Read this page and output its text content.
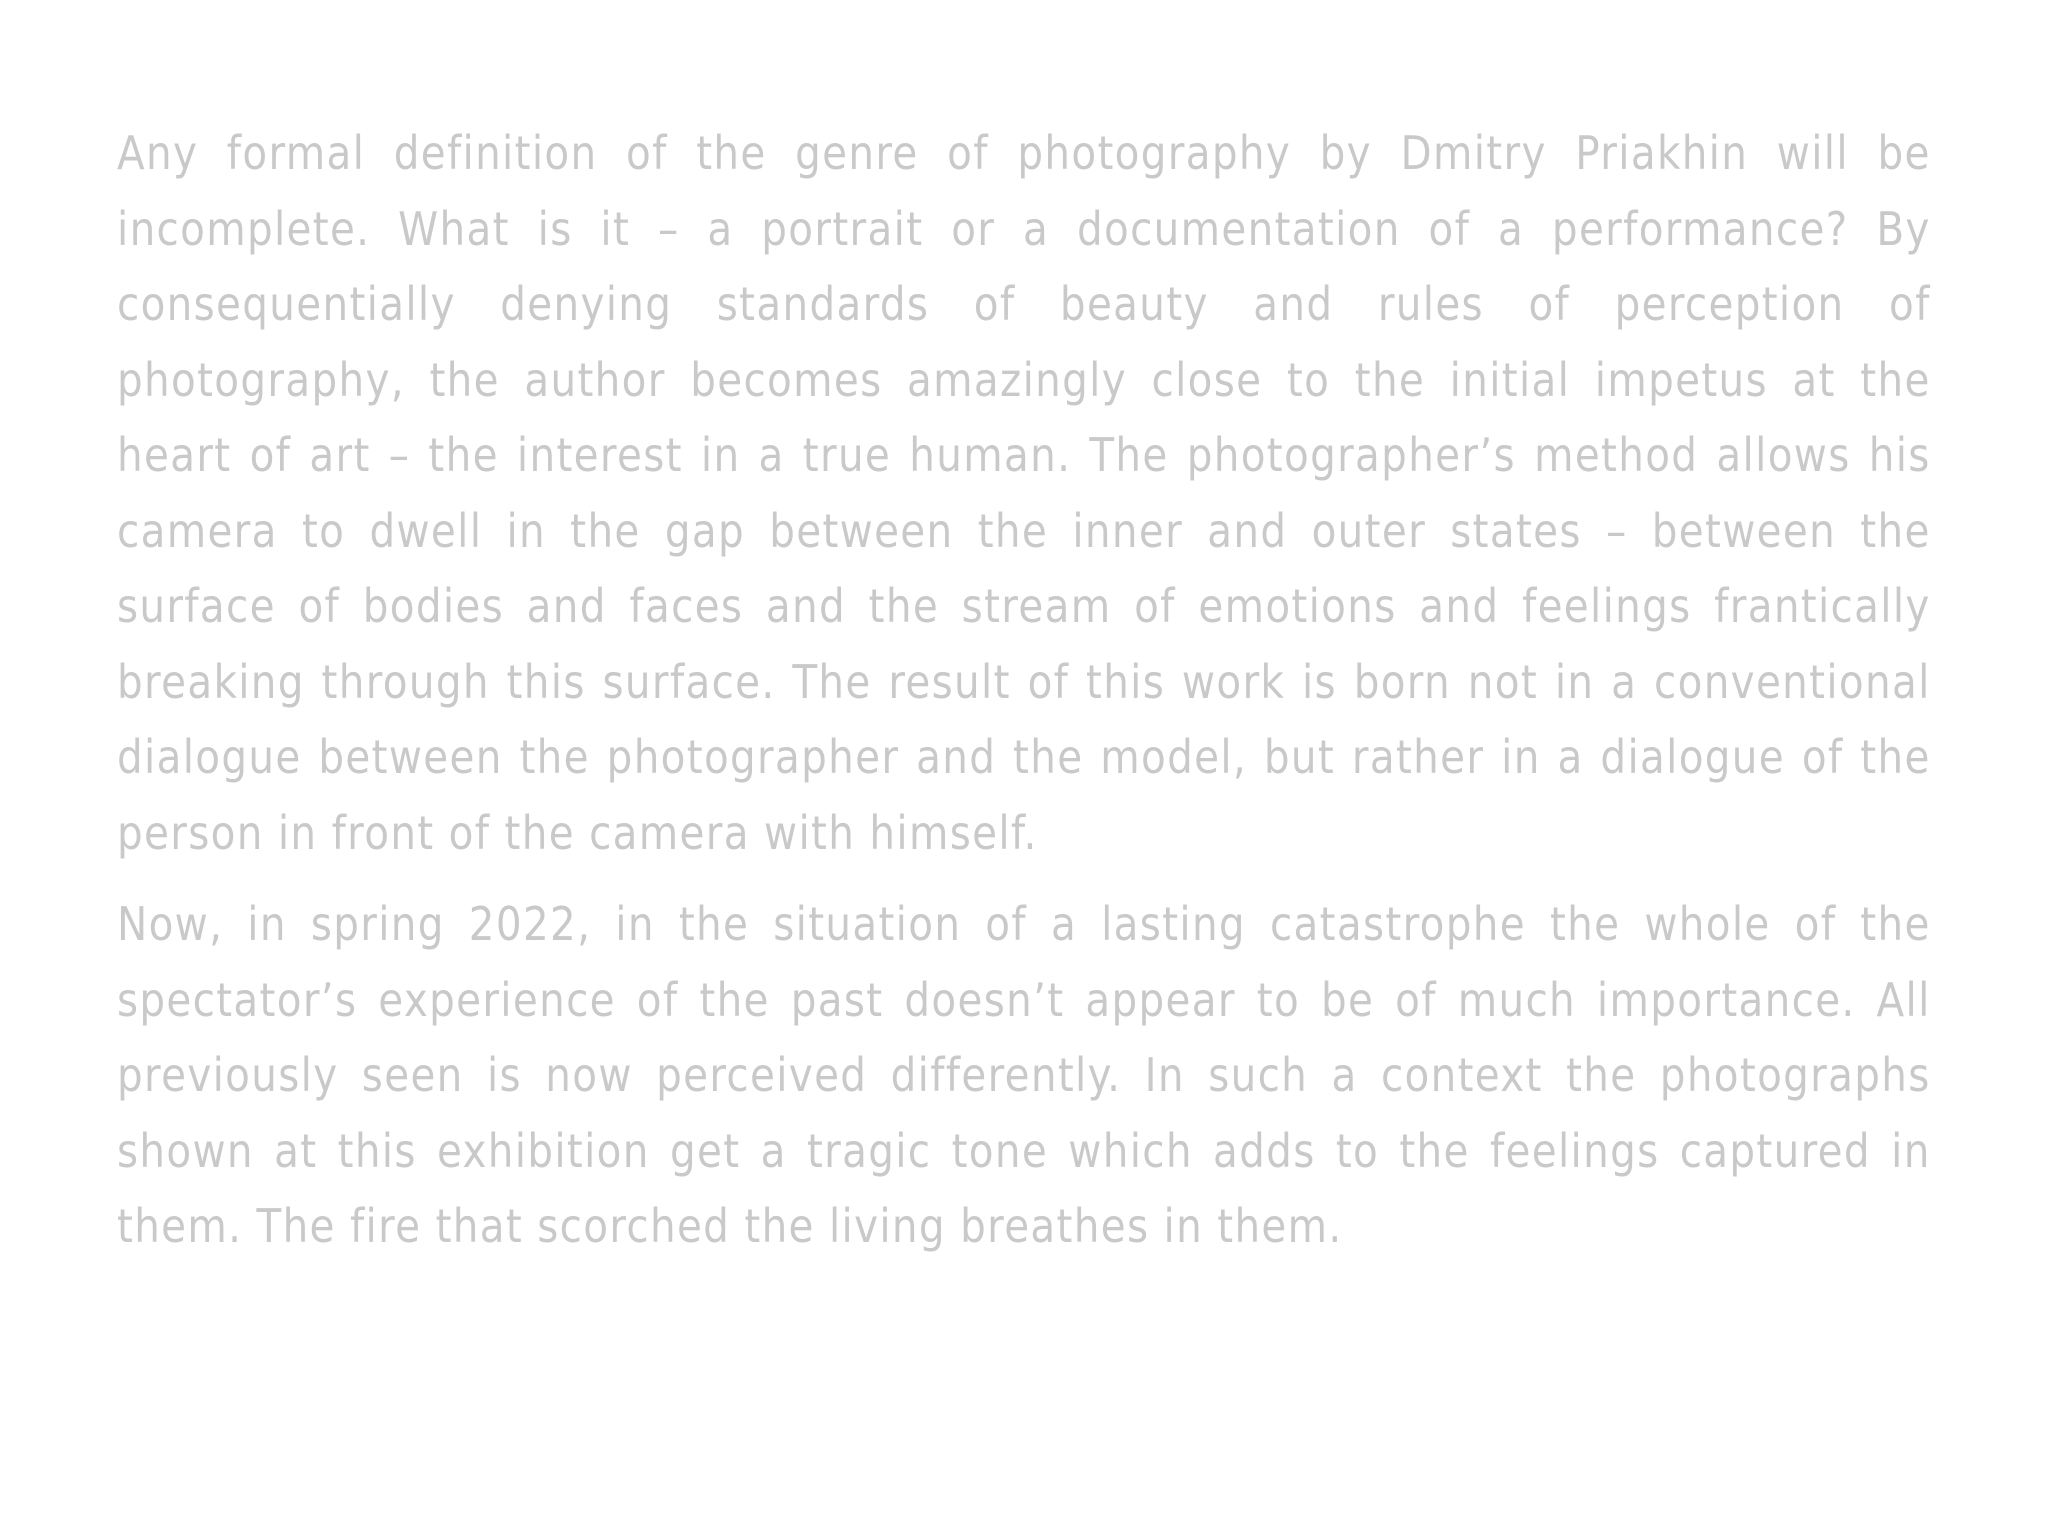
Any formal definition of the genre of photography by Dmitry Priakhin will be incomplete. What is it – a portrait or a documentation of a performance? By consequentially denying standards of beauty and rules of perception of photography, the author becomes amazingly close to the initial impetus at the heart of art – the interest in a true human. The photographer’s method allows his camera to dwell in the gap between the inner and outer states – between the surface of bodies and faces and the stream of emotions and feelings frantically breaking through this surface. The result of this work is born not in a conventional dialogue between the photographer and the model, but rather in a dialogue of the person in front of the camera with himself.

Now, in spring 2022, in the situation of a lasting catastrophe the whole of the spectator’s experience of the past doesn’t appear to be of much importance. All previously seen is now perceived differently. In such a context the photographs shown at this exhibition get a tragic tone which adds to the feelings captured in them. The fire that scorched the living breathes in them.
